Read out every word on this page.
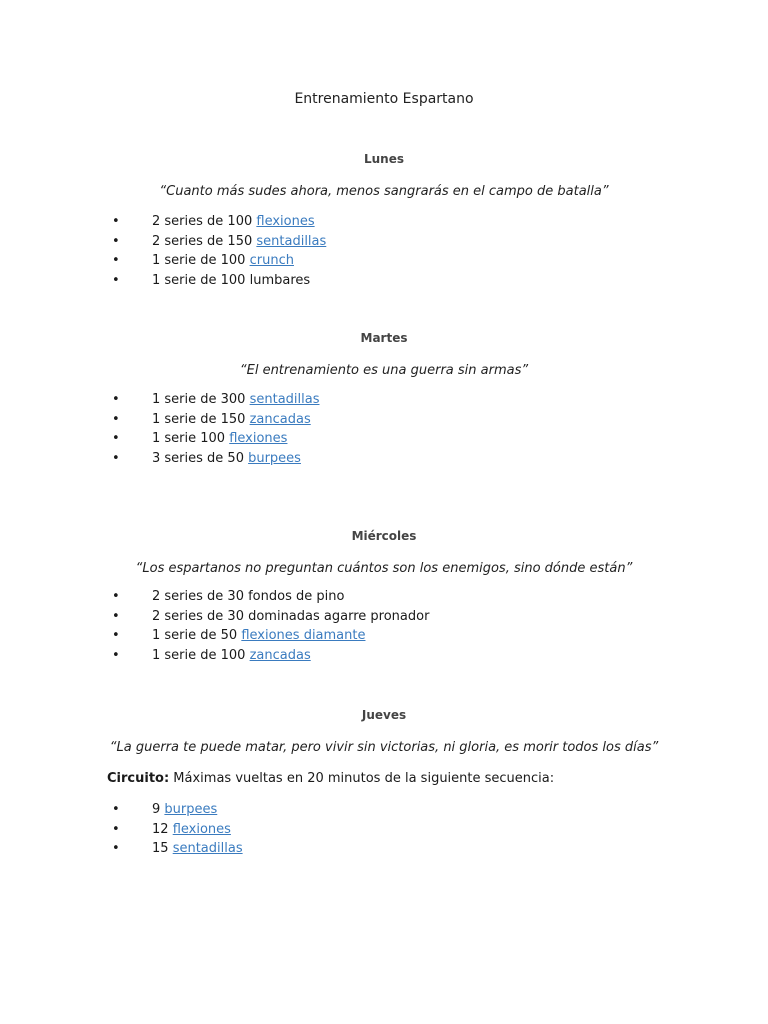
Entrenamiento Espartano
Lunes
“Cuanto más sudes ahora, menos sangrarás en el campo de batalla”
• 2 series de 100 flexiones
• 2 series de 150 sentadillas
• 1 serie de 100 crunch
• 1 serie de 100 lumbares
Martes
“El entrenamiento es una guerra sin armas”
• 1 serie de 300 sentadillas
• 1 serie de 150 zancadas
• 1 serie 100 flexiones
• 3 series de 50 burpees
Miércoles
“Los espartanos no preguntan cuántos son los enemigos, sino dónde están”
• 2 series de 30 fondos de pino
• 2 series de 30 dominadas agarre pronador
• 1 serie de 50 flexiones diamante
• 1 serie de 100 zancadas
Jueves
“La guerra te puede matar, pero vivir sin victorias, ni gloria, es morir todos los días”
Circuito: Máximas vueltas en 20 minutos de la siguiente secuencia:
• 9 burpees
• 12 flexiones
• 15 sentadillas
